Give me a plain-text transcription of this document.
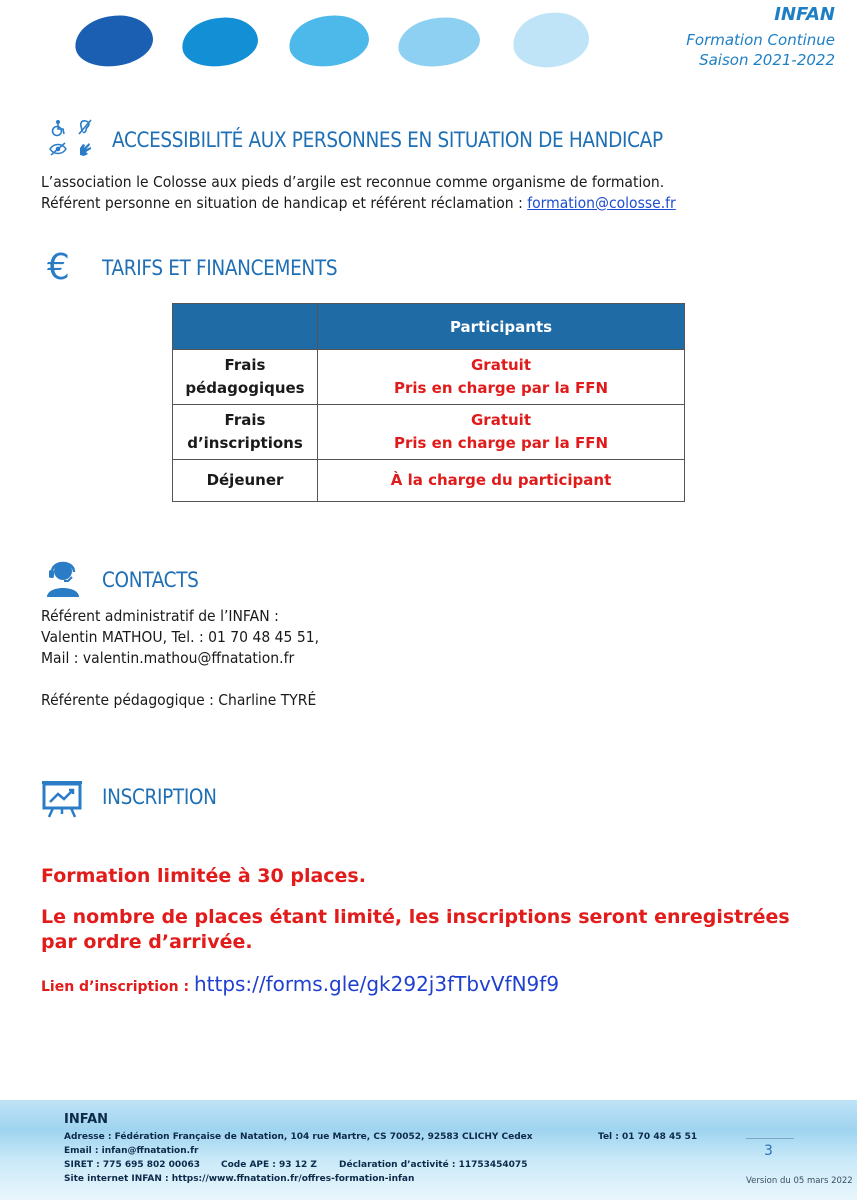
INFAN
Formation Continue
Saison 2021-2022
ACCESSIBILITÉ AUX PERSONNES EN SITUATION DE HANDICAP
L’association le Colosse aux pieds d’argile est reconnue comme organisme de formation.
Référent personne en situation de handicap et référent réclamation : formation@colosse.fr
€ TARIFS ET FINANCEMENTS
	Participants
Frais
pédagogiques	Gratuit
Pris en charge par la FFN
Frais
d’inscriptions	Gratuit
Pris en charge par la FFN
Déjeuner	À la charge du participant
CONTACTS
Référent administratif de l’INFAN :
Valentin MATHOU, Tel. : 01 70 48 45 51,
Mail : valentin.mathou@ffnatation.fr
Référente pédagogique : Charline TYRÉ
INSCRIPTION
Formation limitée à 30 places.
Le nombre de places étant limité, les inscriptions seront enregistrées
par ordre d’arrivée.
Lien d’inscription : https://forms.gle/gk292j3fTbvVfN9f9
INFAN
Adresse : Fédération Française de Natation, 104 rue Martre, CS 70052, 92583 CLICHY Cedex	Tel : 01 70 48 45 51
Email : infan@ffnatation.fr
SIRET : 775 695 802 00063 Code APE : 93 12 Z Déclaration d’activité : 11753454075
Site internet INFAN : https://www.ffnatation.fr/offres-formation-infan
3
Version du 05 mars 2022
